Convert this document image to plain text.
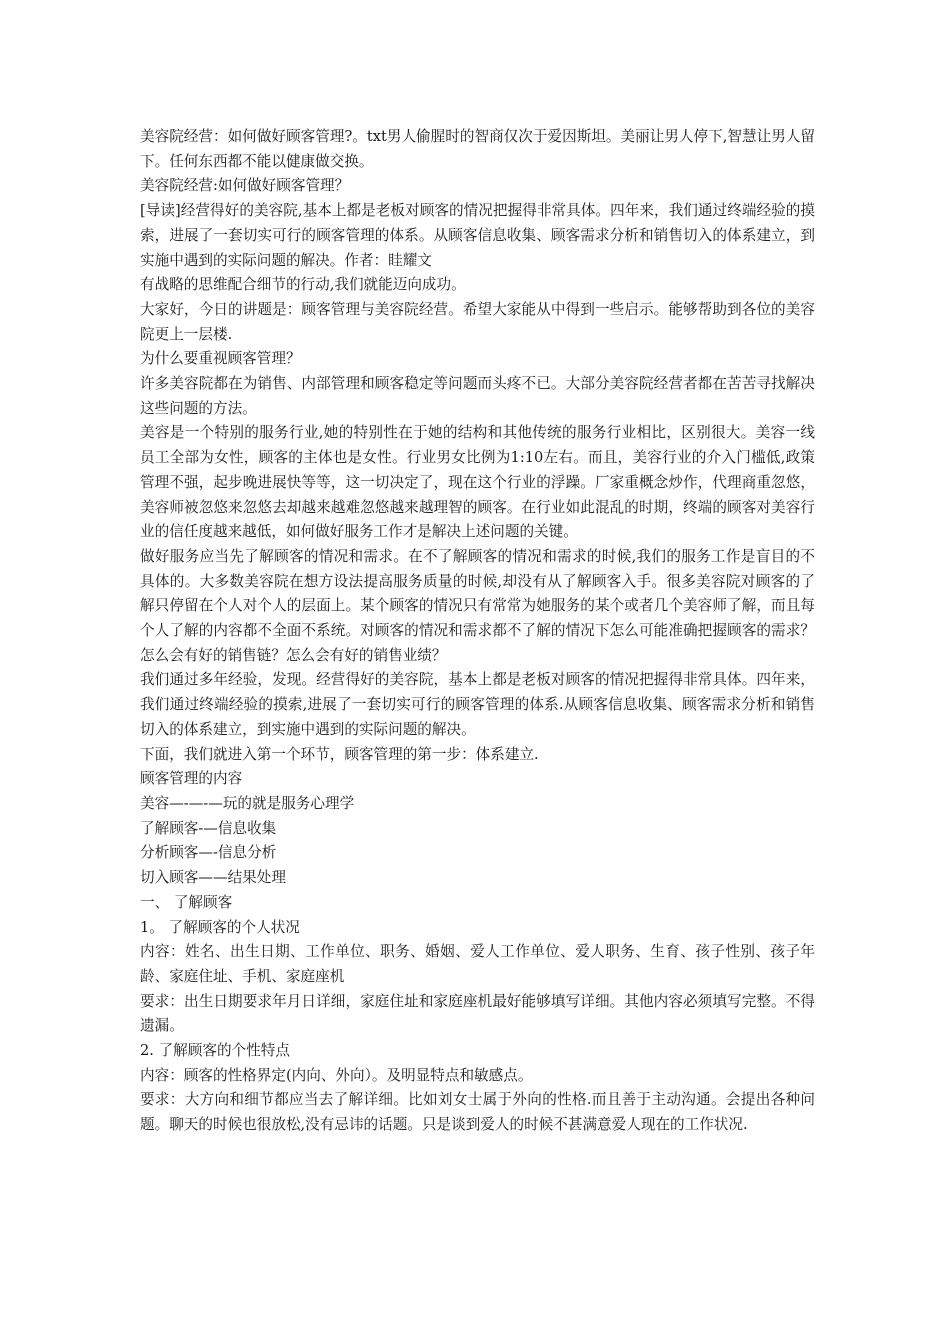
美容院经营：如何做好顾客管理?。txt男人偷腥时的智商仅次于爱因斯坦。美丽让男人停下,智慧让男人留下。任何东西都不能以健康做交换。

美容院经营:如何做好顾客管理？

[导读]经营得好的美容院,基本上都是老板对顾客的情况把握得非常具体。四年来，我们通过终端经验的摸索，进展了一套切实可行的顾客管理的体系。从顾客信息收集、顾客需求分析和销售切入的体系建立，到实施中遇到的实际问题的解决。作者：眭耀文

有战略的思维配合细节的行动,我们就能迈向成功。

大家好，今日的讲题是：顾客管理与美容院经营。希望大家能从中得到一些启示。能够帮助到各位的美容院更上一层楼.

为什么要重视顾客管理？

许多美容院都在为销售、内部管理和顾客稳定等问题而头疼不已。大部分美容院经营者都在苦苦寻找解决这些问题的方法。

美容是一个特别的服务行业,她的特别性在于她的结构和其他传统的服务行业相比，区别很大。美容一线员工全部为女性，顾客的主体也是女性。行业男女比例为1:10左右。而且，美容行业的介入门槛低,政策管理不强，起步晚进展快等等，这一切决定了，现在这个行业的浮躁。厂家重概念炒作，代理商重忽悠，美容师被忽悠来忽悠去却越来越难忽悠越来越理智的顾客。在行业如此混乱的时期，终端的顾客对美容行业的信任度越来越低，如何做好服务工作才是解决上述问题的关键。

做好服务应当先了解顾客的情况和需求。在不了解顾客的情况和需求的时候,我们的服务工作是盲目的不具体的。大多数美容院在想方设法提高服务质量的时候,却没有从了解顾客入手。很多美容院对顾客的了解只停留在个人对个人的层面上。某个顾客的情况只有常常为她服务的某个或者几个美容师了解，而且每个人了解的内容都不全面不系统。对顾客的情况和需求都不了解的情况下怎么可能准确把握顾客的需求？怎么会有好的销售链？怎么会有好的销售业绩？

我们通过多年经验，发现。经营得好的美容院，基本上都是老板对顾客的情况把握得非常具体。四年来，我们通过终端经验的摸索,进展了一套切实可行的顾客管理的体系.从顾客信息收集、顾客需求分析和销售切入的体系建立，到实施中遇到的实际问题的解决。

下面，我们就进入第一个环节，顾客管理的第一步：体系建立.

顾客管理的内容

美容—-—-—玩的就是服务心理学

了解顾客-—信息收集

分析顾客—-信息分析

切入顾客——结果处理

一、 了解顾客

1。 了解顾客的个人状况

内容：姓名、出生日期、工作单位、职务、婚姻、爱人工作单位、爱人职务、生育、孩子性别、孩子年龄、家庭住址、手机、家庭座机

要求：出生日期要求年月日详细，家庭住址和家庭座机最好能够填写详细。其他内容必须填写完整。不得遗漏。

2. 了解顾客的个性特点

内容：顾客的性格界定(内向、外向）。及明显特点和敏感点。

要求：大方向和细节都应当去了解详细。比如刘女士属于外向的性格.而且善于主动沟通。会提出各种问题。聊天的时候也很放松,没有忌讳的话题。只是谈到爱人的时候不甚满意爱人现在的工作状况.
